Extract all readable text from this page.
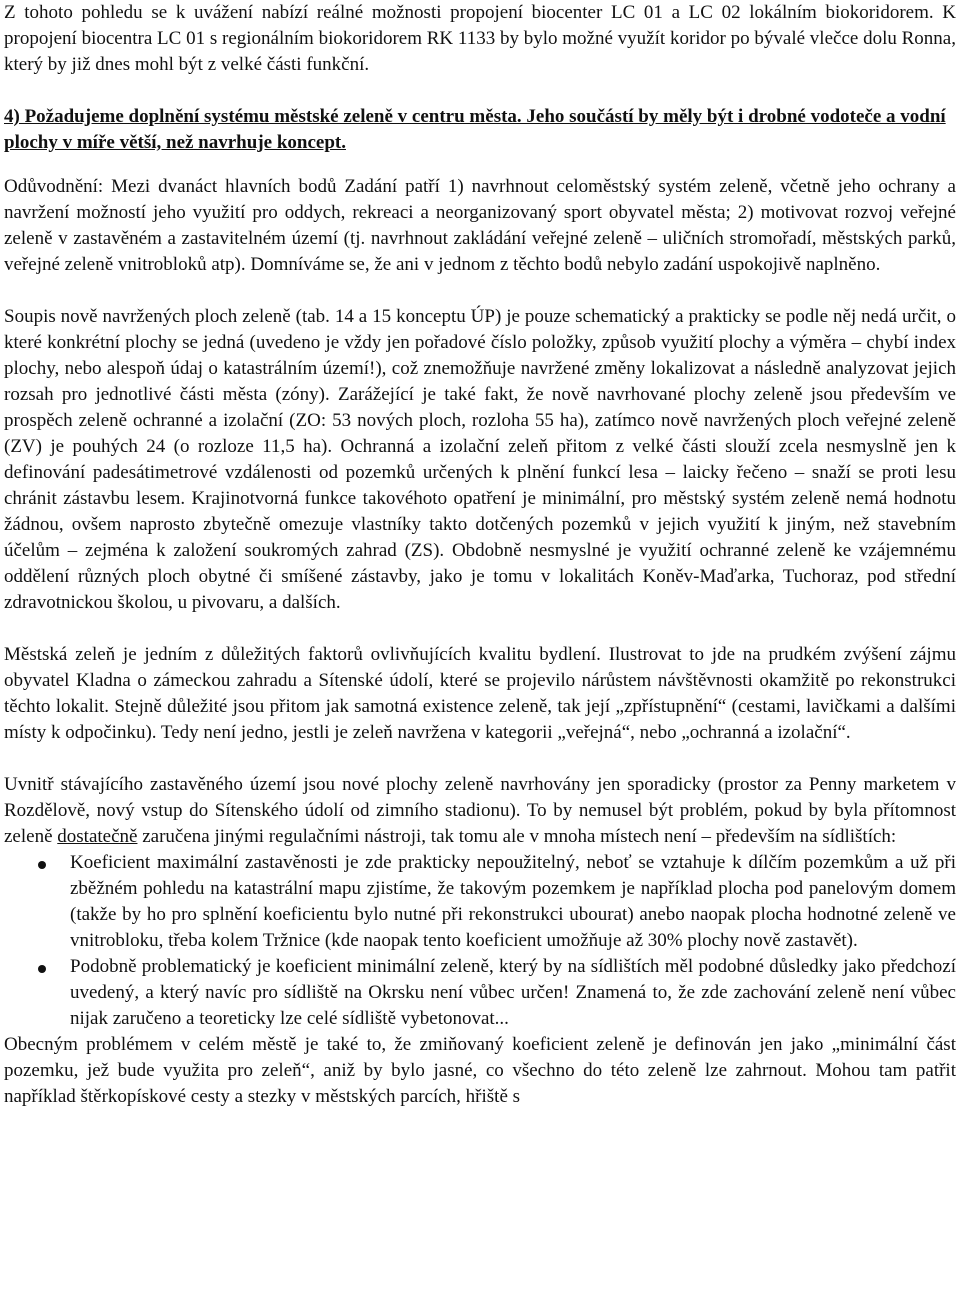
Z tohoto pohledu se k uvážení nabízí reálné možnosti propojení biocenter LC 01 a LC 02 lokálním biokoridorem. K propojení biocentra LC 01 s regionálním biokoridorem RK 1133 by bylo možné využít koridor po bývalé vlečce dolu Ronna, který by již dnes mohl být z velké části funkční.

4) Požadujeme doplnění systému městské zeleně v centru města. Jeho součástí by měly být i drobné vodoteče a vodní plochy v míře větší, než navrhuje koncept.

Odůvodnění: Mezi dvanáct hlavních bodů Zadání patří 1) navrhnout celoměstský systém zeleně, včetně jeho ochrany a navržení možností jeho využití pro oddych, rekreaci a neorganizovaný sport obyvatel města; 2) motivovat rozvoj veřejné zeleně v zastavěném a zastavitelném území (tj. navrhnout zakládání veřejné zeleně – uličních stromořadí, městských parků, veřejné zeleně vnitrobloků atp). Domníváme se, že ani v jednom z těchto bodů nebylo zadání uspokojivě naplněno.

Soupis nově navržených ploch zeleně (tab. 14 a 15 konceptu ÚP) je pouze schematický a prakticky se podle něj nedá určit, o které konkrétní plochy se jedná (uvedeno je vždy jen pořadové číslo položky, způsob využití plochy a výměra – chybí index plochy, nebo alespoň údaj o katastrálním území!), což znemožňuje navržené změny lokalizovat a následně analyzovat jejich rozsah pro jednotlivé části města (zóny). Zarážející je také fakt, že nově navrhované plochy zeleně jsou především ve prospěch zeleně ochranné a izolační (ZO: 53 nových ploch, rozloha 55 ha), zatímco nově navržených ploch veřejné zeleně (ZV) je pouhých 24 (o rozloze 11,5 ha). Ochranná a izolační zeleň přitom z velké části slouží zcela nesmyslně jen k definování padesátimetrové vzdálenosti od pozemků určených k plnění funkcí lesa – laicky řečeno – snaží se proti lesu chránit zástavbu lesem. Krajinotvorná funkce takovéhoto opatření je minimální, pro městský systém zeleně nemá hodnotu žádnou, ovšem naprosto zbytečně omezuje vlastníky takto dotčených pozemků v jejich využití k jiným, než stavebním účelům – zejména k založení soukromých zahrad (ZS). Obdobně nesmyslné je využití ochranné zeleně ke vzájemnému oddělení různých ploch obytné či smíšené zástavby, jako je tomu v lokalitách Koněv-Maďarka, Tuchoraz, pod střední zdravotnickou školou, u pivovaru, a dalších.

Městská zeleň je jedním z důležitých faktorů ovlivňujících kvalitu bydlení. Ilustrovat to jde na prudkém zvýšení zájmu obyvatel Kladna o zámeckou zahradu a Sítenské údolí, které se projevilo nárůstem návštěvnosti okamžitě po rekonstrukci těchto lokalit. Stejně důležité jsou přitom jak samotná existence zeleně, tak její „zpřístupnění“ (cestami, lavičkami a dalšími místy k odpočinku). Tedy není jedno, jestli je zeleň navržena v kategorii „veřejná“, nebo „ochranná a izolační“.

Uvnitř stávajícího zastavěného území jsou nové plochy zeleně navrhovány jen sporadicky (prostor za Penny marketem v Rozdělově, nový vstup do Sítenského údolí od zimního stadionu). To by nemusel být problém, pokud by byla přítomnost zeleně dostatečně zaručena jinými regulačními nástroji, tak tomu ale v mnoha místech není – především na sídlištích:

Koeficient maximální zastavěnosti je zde prakticky nepoužitelný, neboť se vztahuje k dílčím pozemkům a už při zběžném pohledu na katastrální mapu zjistíme, že takovým pozemkem je například plocha pod panelovým domem (takže by ho pro splnění koeficientu bylo nutné při rekonstrukci ubourat) anebo naopak plocha hodnotné zeleně ve vnitrobloku, třeba kolem Tržnice (kde naopak tento koeficient umožňuje až 30% plochy nově zastavět).
Podobně problematický je koeficient minimální zeleně, který by na sídlištích měl podobné důsledky jako předchozí uvedený, a který navíc pro sídliště na Okrsku není vůbec určen! Znamená to, že zde zachování zeleně není vůbec nijak zaručeno a teoreticky lze celé sídliště vybetonovat...

Obecným problémem v celém městě je také to, že zmiňovaný koeficient zeleně je definován jen jako „minimální část pozemku, jež bude využita pro zeleň“, aniž by bylo jasné, co všechno do této zeleně lze zahrnout. Mohou tam patřit například štěrkopískové cesty a stezky v městských parcích, hřiště s
